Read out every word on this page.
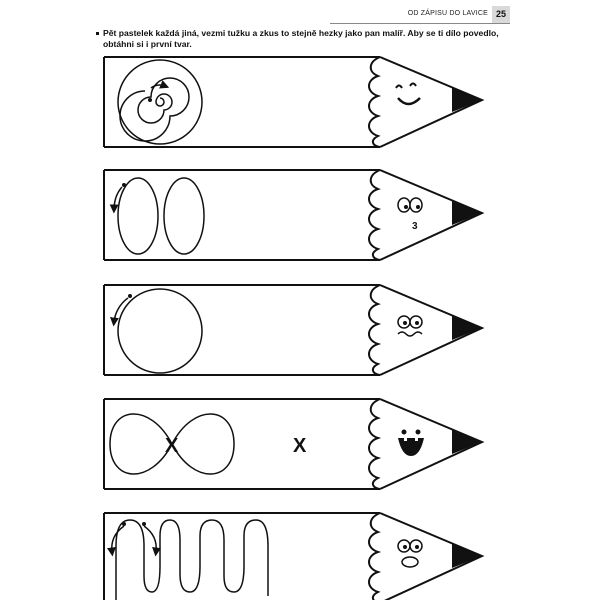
OD ZÁPISU DO LAVICE 25
Pět pastelek každá jiná, vezmi tužku a zkus to stejně hezky jako pan malíř. Aby se ti dílo povedlo, obtáhni si i první tvar.
3
X	X
